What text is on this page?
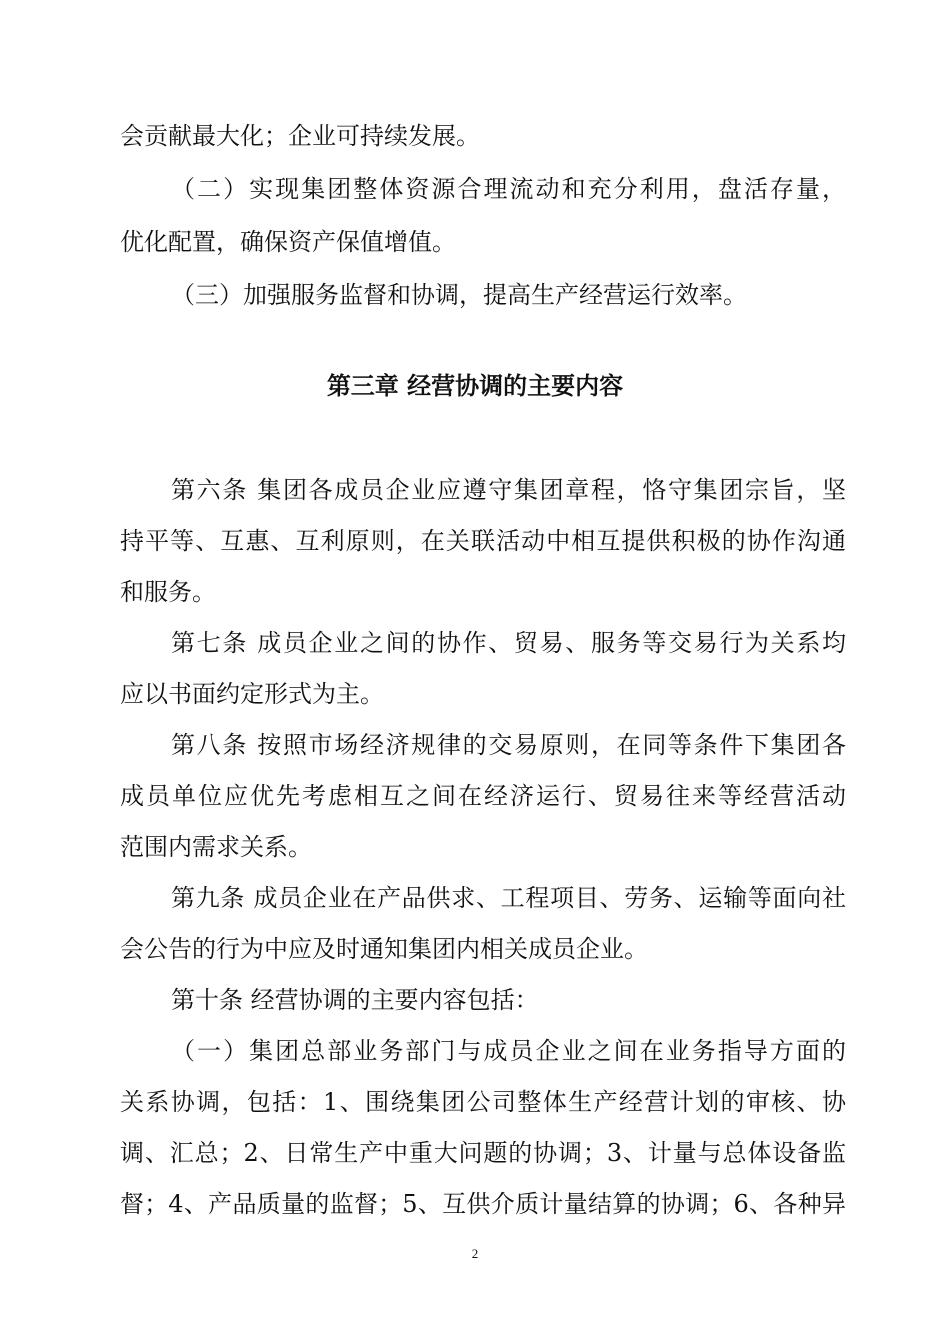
会贡献最大化；企业可持续发展。
（二）实现集团整体资源合理流动和充分利用，盘活存量，
优化配置，确保资产保值增值。
（三）加强服务监督和协调，提高生产经营运行效率。
第三章 经营协调的主要内容
第六条 集团各成员企业应遵守集团章程，恪守集团宗旨，坚
持平等、互惠、互利原则，在关联活动中相互提供积极的协作沟通
和服务。
第七条 成员企业之间的协作、贸易、服务等交易行为关系均
应以书面约定形式为主。
第八条 按照市场经济规律的交易原则，在同等条件下集团各
成员单位应优先考虑相互之间在经济运行、贸易往来等经营活动
范围内需求关系。
第九条 成员企业在产品供求、工程项目、劳务、运输等面向社
会公告的行为中应及时通知集团内相关成员企业。
第十条 经营协调的主要内容包括：
（一）集团总部业务部门与成员企业之间在业务指导方面的
关系协调，包括：1、围绕集团公司整体生产经营计划的审核、协
调、汇总；2、日常生产中重大问题的协调；3、计量与总体设备监
督；4、产品质量的监督；5、互供介质计量结算的协调；6、各种异
2
